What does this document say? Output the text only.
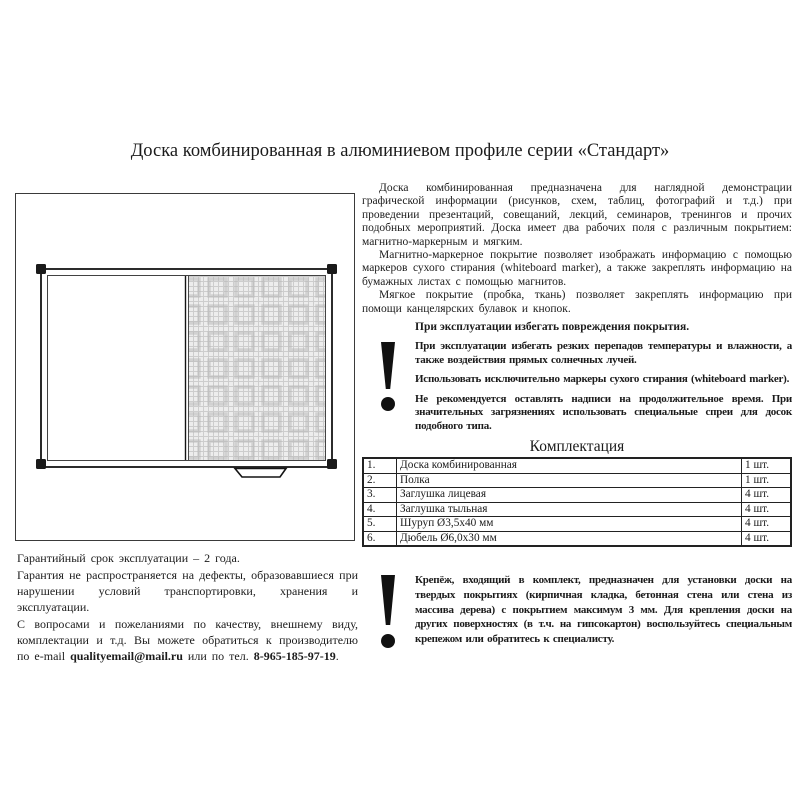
Доска комбинированная в алюминиевом профиле серии «Стандарт»

Гарантийный срок эксплуатации – 2 года.

Гарантия не распространяется на дефекты, образовавшиеся при нарушении условий транспортировки, хранения и эксплуатации.

С вопросами и пожеланиями по качеству, внешнему виду, комплектации и т.д. Вы можете обратиться к производителю по e-mail qualityemail@mail.ru или по тел. 8-965-185-97-19.

Доска комбинированная предназначена для наглядной демонстрации графической информации (рисунков, схем, таблиц, фотографий и т.д.) при проведении презентаций, совещаний, лекций, семинаров, тренингов и прочих подобных мероприятий. Доска имеет два рабочих поля с различным покрытием: магнитно-маркерным и мягким.

Магнитно-маркерное покрытие позволяет изображать информацию с помощью маркеров сухого стирания (whiteboard marker), а также закреплять информацию на бумажных листах с помощью магнитов.

Мягкое покрытие (пробка, ткань) позволяет закреплять информацию при помощи канцелярских булавок и кнопок.

При эксплуатации избегать повреждения покрытия.

При эксплуатации избегать резких перепадов температуры и влажности, а также воздействия прямых солнечных лучей.

Использовать исключительно маркеры сухого стирания (whiteboard marker).

Не рекомендуется оставлять надписи на продолжительное время. При значительных загрязнениях использовать специальные спреи для досок подобного типа.

Комплектация
1.	Доска комбинированная	1 шт.
2.	Полка	1 шт.
3.	Заглушка лицевая	4 шт.
4.	Заглушка тыльная	4 шт.
5.	Шуруп Ø3,5x40 мм	4 шт.
6.	Дюбель Ø6,0x30 мм	4 шт.

Крепёж, входящий в комплект, предназначен для установки доски на твердых покрытиях (кирпичная кладка, бетонная стена или стена из массива дерева) с покрытием максимум 3 мм. Для крепления доски на других поверхностях (в т.ч. на гипсокартон) воспользуйтесь специальным крепежом или обратитесь к специалисту.
